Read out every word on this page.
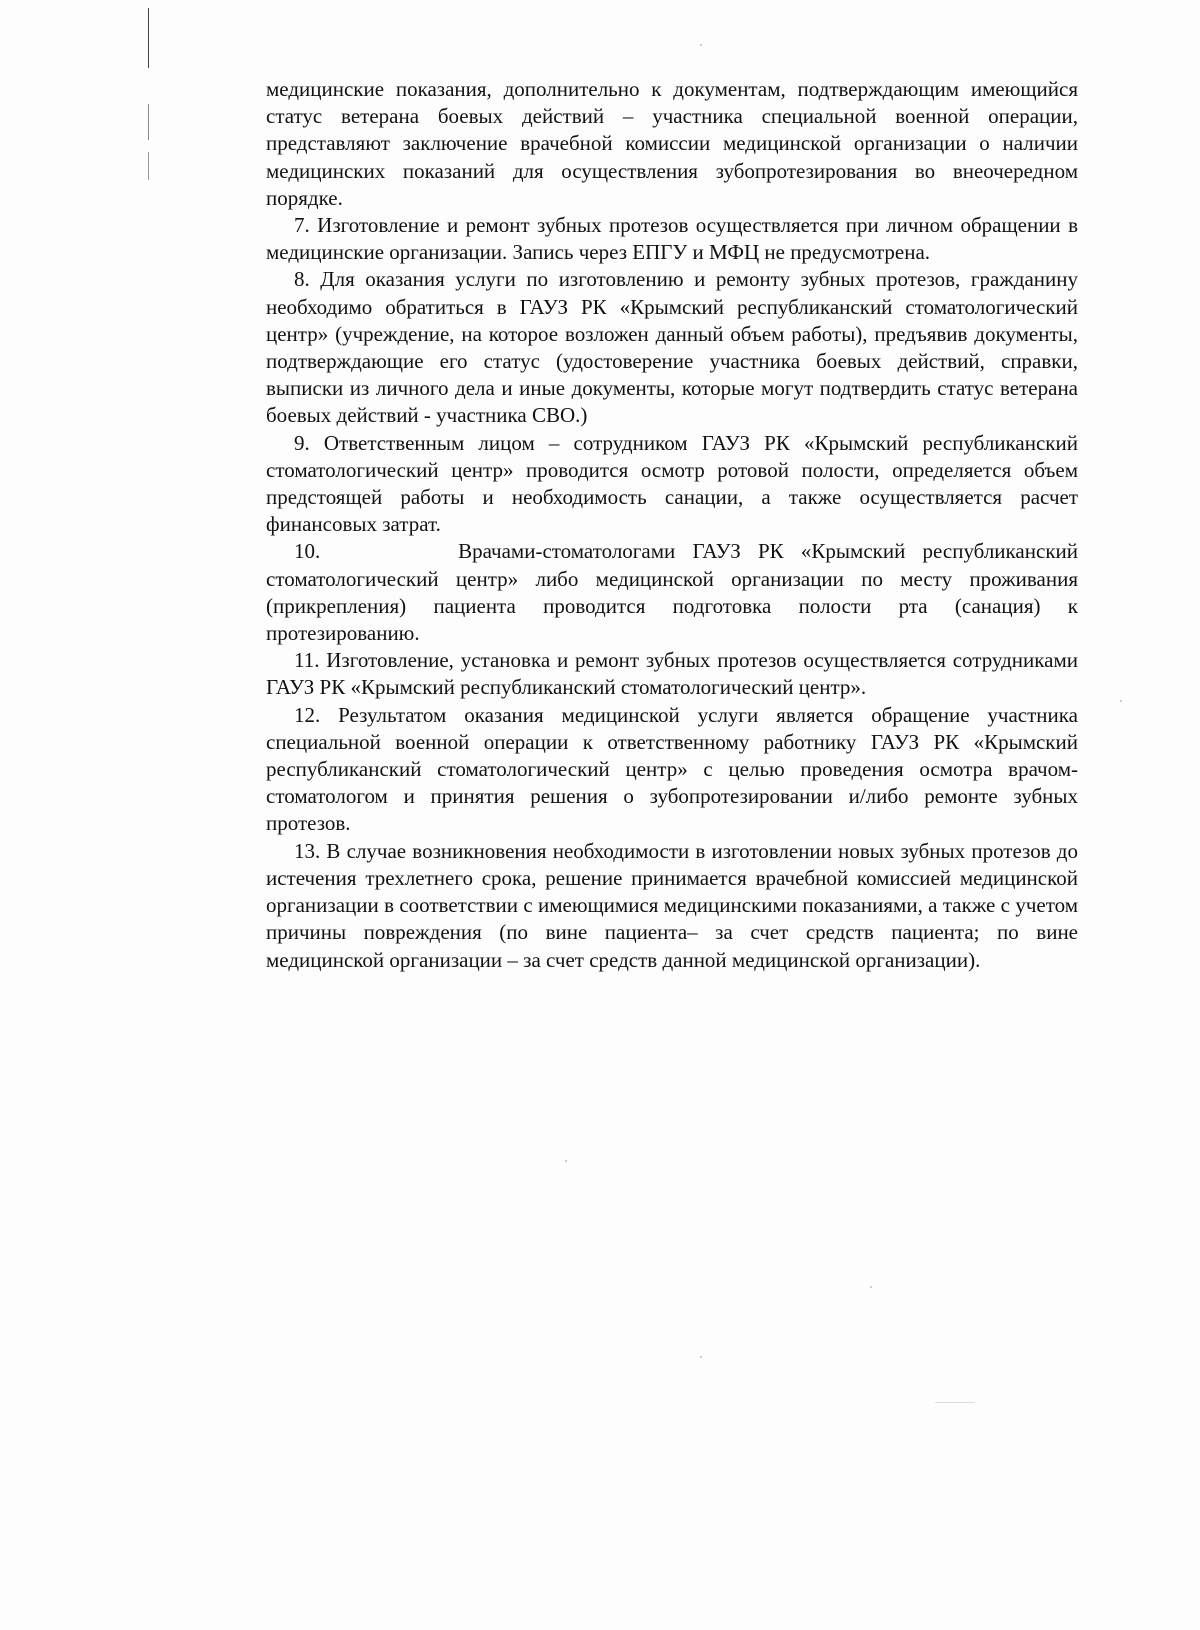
медицинские показания, дополнительно к документам, подтверждающим имеющийся статус ветерана боевых действий – участника специальной военной операции, представляют заключение врачебной комиссии медицинской организации о наличии медицинских показаний для осуществления зубопротезирования во внеочередном порядке.

7. Изготовление и ремонт зубных протезов осуществляется при личном обращении в медицинские организации. Запись через ЕПГУ и МФЦ не предусмотрена.

8. Для оказания услуги по изготовлению и ремонту зубных протезов, гражданину необходимо обратиться в ГАУЗ РК «Крымский республиканский стоматологический центр» (учреждение, на которое возложен данный объем работы), предъявив документы, подтверждающие его статус (удостоверение участника боевых действий, справки, выписки из личного дела и иные документы, которые могут подтвердить статус ветерана боевых действий - участника СВО.)

9. Ответственным лицом – сотрудником ГАУЗ РК «Крымский республиканский стоматологический центр» проводится осмотр ротовой полости, определяется объем предстоящей работы и необходимость санации, а также осуществляется расчет финансовых затрат.

10.        Врачами-стоматологами ГАУЗ РК «Крымский республиканский стоматологический центр» либо медицинской организации по месту проживания (прикрепления) пациента проводится подготовка полости рта (санация) к протезированию.

11. Изготовление, установка и ремонт зубных протезов осуществляется сотрудниками ГАУЗ РК «Крымский республиканский стоматологический центр».

12. Результатом оказания медицинской услуги является обращение участника специальной военной операции к ответственному работнику ГАУЗ РК «Крымский республиканский стоматологический центр» с целью проведения осмотра врачом-стоматологом и принятия решения о зубопротезировании и/либо ремонте зубных протезов.

13. В случае возникновения необходимости в изготовлении новых зубных протезов до истечения трехлетнего срока, решение принимается врачебной комиссией медицинской организации в соответствии с имеющимися медицинскими показаниями, а также с учетом причины повреждения (по вине пациента– за счет средств пациента; по вине медицинской организации – за счет средств данной медицинской организации).
